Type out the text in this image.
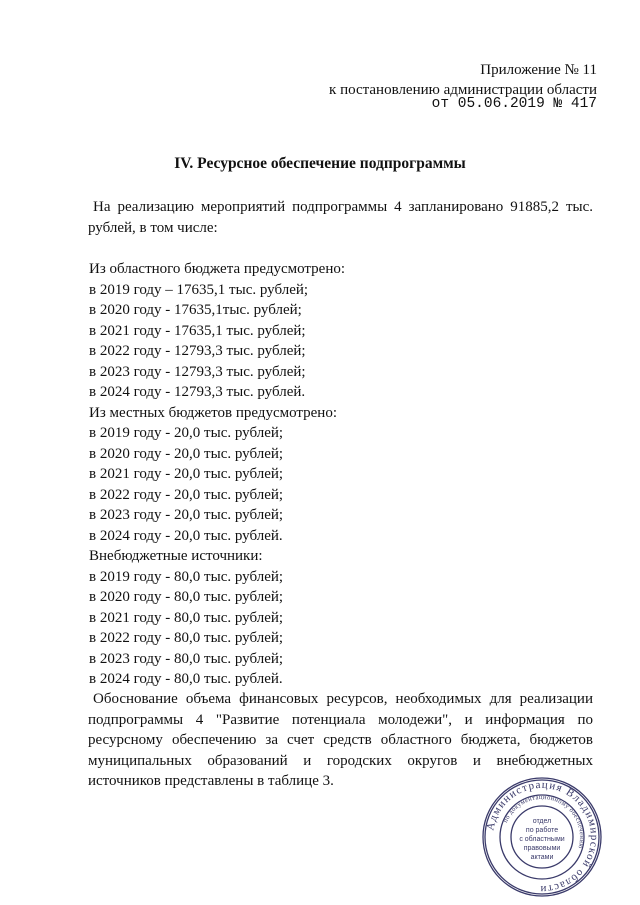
Приложение № 11
к постановлению администрации области
от 05.06.2019 № 417
IV. Ресурсное обеспечение подпрограммы
На реализацию мероприятий подпрограммы 4 запланировано 91885,2 тыс. рублей, в том числе:
Из областного бюджета предусмотрено:
в 2019 году – 17635,1 тыс. рублей;
в 2020 году - 17635,1тыс. рублей;
в 2021 году - 17635,1 тыс. рублей;
в 2022 году - 12793,3 тыс. рублей;
в 2023 году - 12793,3 тыс. рублей;
в 2024 году - 12793,3 тыс. рублей.
Из местных бюджетов предусмотрено:
в 2019 году - 20,0 тыс. рублей;
в 2020 году - 20,0 тыс. рублей;
в 2021 году - 20,0 тыс. рублей;
в 2022 году - 20,0 тыс. рублей;
в 2023 году - 20,0 тыс. рублей;
в 2024 году - 20,0 тыс. рублей.
Внебюджетные источники:
в 2019 году - 80,0 тыс. рублей;
в 2020 году - 80,0 тыс. рублей;
в 2021 году - 80,0 тыс. рублей;
в 2022 году - 80,0 тыс. рублей;
в 2023 году - 80,0 тыс. рублей;
в 2024 году - 80,0 тыс. рублей.
Обоснование объема финансовых ресурсов, необходимых для реализации подпрограммы 4 "Развитие потенциала молодежи", и информация по ресурсному обеспечению за счет средств областного бюджета, бюджетов муниципальных образований и городских округов и внебюджетных источников представлены в таблице 3.
Администрация Владимирской области
по документационному обеспечению
отдел
по работе
с областными
правовыми
актами
